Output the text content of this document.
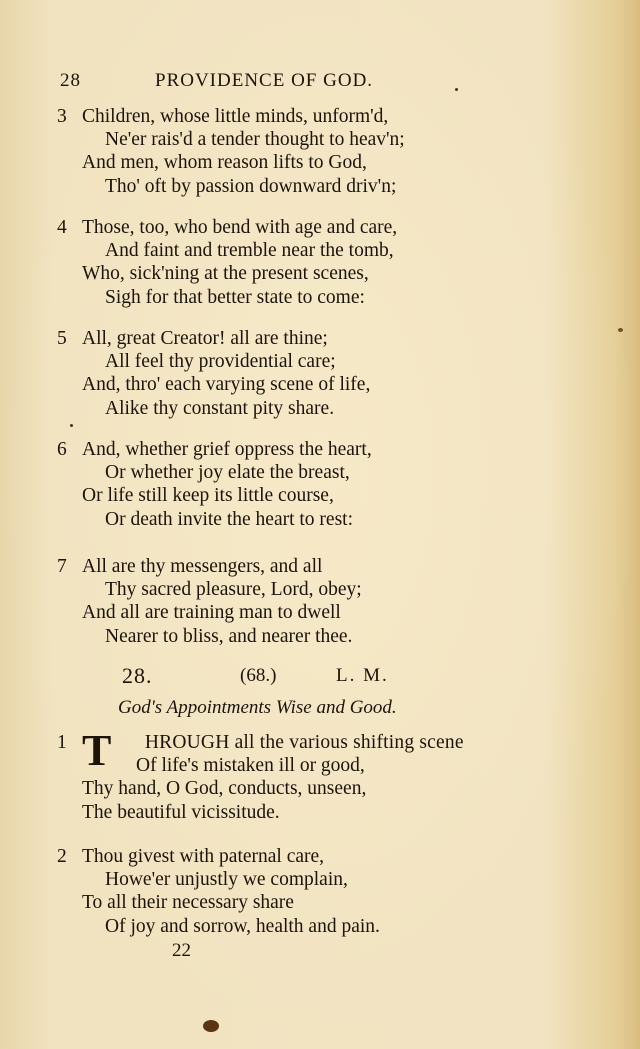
28	PROVIDENCE OF GOD.
3 Children, whose little minds, unform'd,
Ne'er rais'd a tender thought to heav'n;
And men, whom reason lifts to God,
Tho' oft by passion downward driv'n;
4 Those, too, who bend with age and care,
And faint and tremble near the tomb,
Who, sick'ning at the present scenes,
Sigh for that better state to come:
5 All, great Creator! all are thine;
All feel thy providential care;
And, thro' each varying scene of life,
Alike thy constant pity share.
6 And, whether grief oppress the heart,
Or whether joy elate the breast,
Or life still keep its little course,
Or death invite the heart to rest:
7 All are thy messengers, and all
Thy sacred pleasure, Lord, obey;
And all are training man to dwell
Nearer to bliss, and nearer thee.
28.	(68.)	L. M.
God's Appointments Wise and Good.
1 T HROUGH all the various shifting scene
Of life's mistaken ill or good,
Thy hand, O God, conducts, unseen,
The beautiful vicissitude.
2 Thou givest with paternal care,
Howe'er unjustly we complain,
To all their necessary share
Of joy and sorrow, health and pain.
22
